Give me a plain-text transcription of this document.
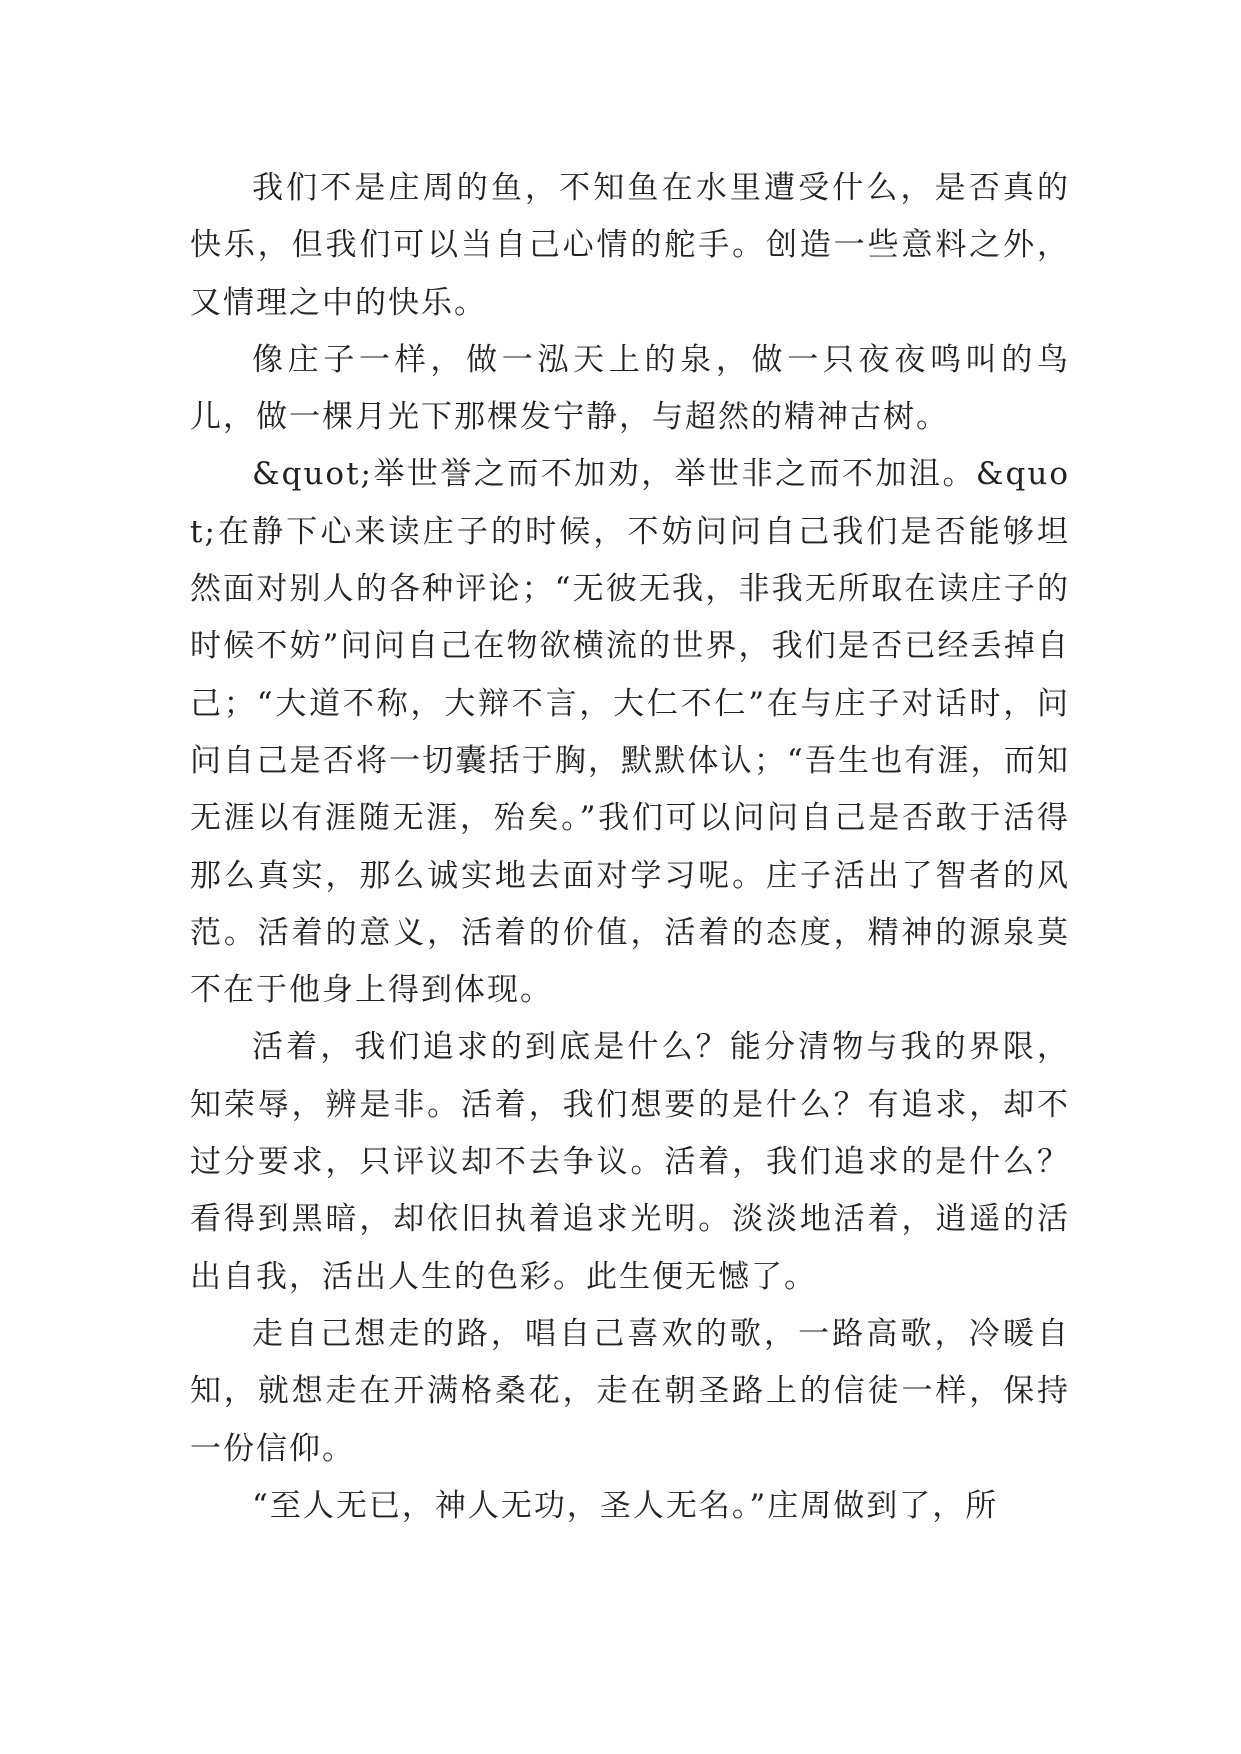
我们不是庄周的鱼，不知鱼在水里遭受什么，是否真的快乐，但我们可以当自己心情的舵手。创造一些意料之外，又情理之中的快乐。

像庄子一样，做一泓天上的泉，做一只夜夜鸣叫的鸟儿，做一棵月光下那棵发宁静，与超然的精神古树。

&quot;举世誉之而不加劝，举世非之而不加沮。&quot;在静下心来读庄子的时候，不妨问问自己我们是否能够坦然面对别人的各种评论；“无彼无我，非我无所取在读庄子的时候不妨”问问自己在物欲横流的世界，我们是否已经丢掉自己；“大道不称，大辩不言，大仁不仁”在与庄子对话时，问问自己是否将一切囊括于胸，默默体认；“吾生也有涯，而知无涯以有涯随无涯，殆矣。”我们可以问问自己是否敢于活得那么真实，那么诚实地去面对学习呢。庄子活出了智者的风范。活着的意义，活着的价值，活着的态度，精神的源泉莫不在于他身上得到体现。

活着，我们追求的到底是什么？能分清物与我的界限，知荣辱，辨是非。活着，我们想要的是什么？有追求，却不过分要求，只评议却不去争议。活着，我们追求的是什么？看得到黑暗，却依旧执着追求光明。淡淡地活着，逍遥的活出自我，活出人生的色彩。此生便无憾了。

走自己想走的路，唱自己喜欢的歌，一路高歌，冷暖自知，就想走在开满格桑花，走在朝圣路上的信徒一样，保持一份信仰。

“至人无已，神人无功，圣人无名。”庄周做到了，所
